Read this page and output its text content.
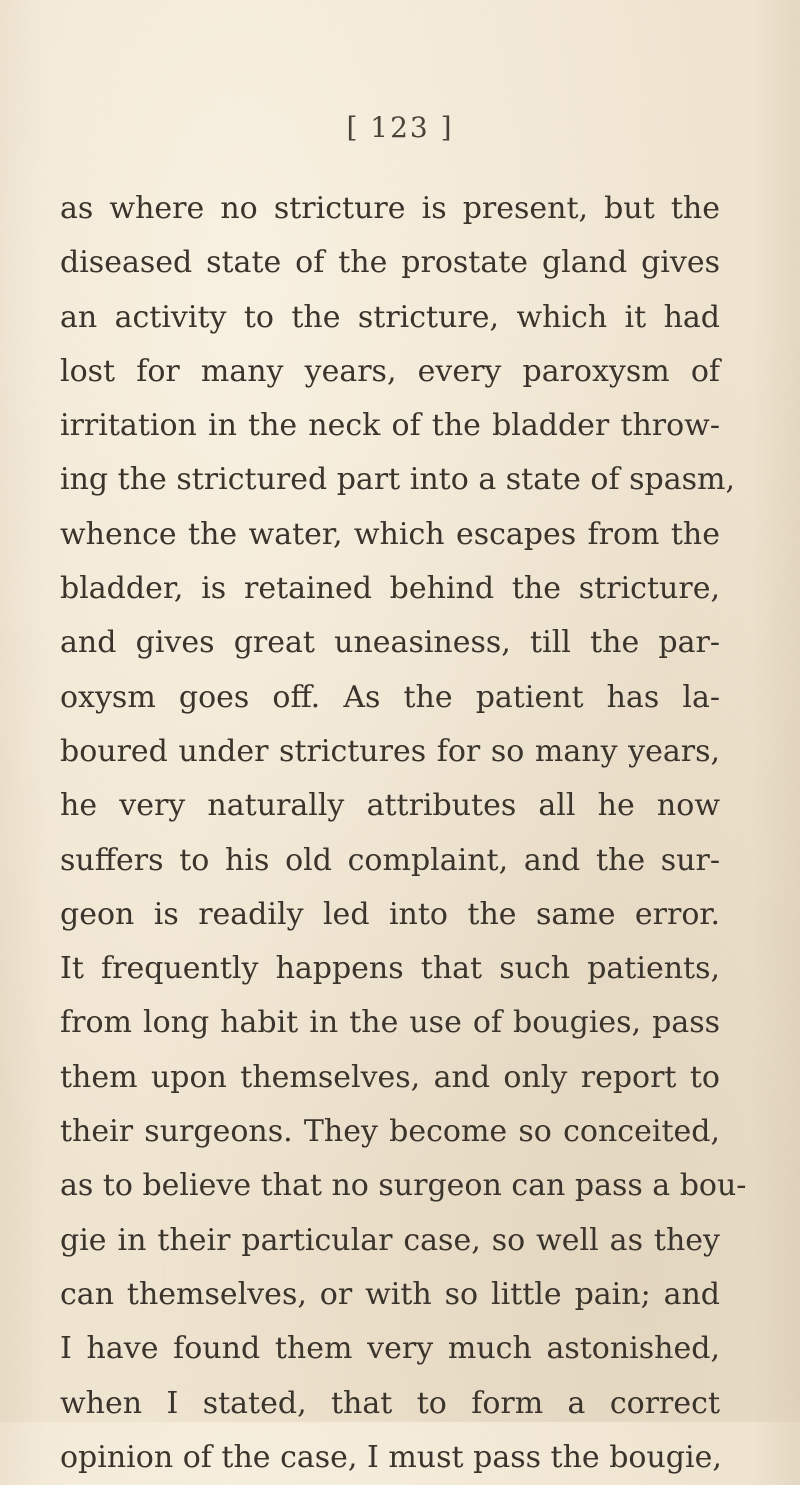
[ 123 ]
as where no stricture is present, but the
diseased state of the prostate gland gives
an activity to the stricture, which it had
lost for many years, every paroxysm of
irritation in the neck of the bladder throw-
ing the strictured part into a state of spasm,
whence the water, which escapes from the
bladder, is retained behind the stricture,
and gives great uneasiness, till the par-
oxysm goes off. As the patient has la-
boured under strictures for so many years,
he very naturally attributes all he now
suffers to his old complaint, and the sur-
geon is readily led into the same error.
It frequently happens that such patients,
from long habit in the use of bougies, pass
them upon themselves, and only report to
their surgeons. They become so conceited,
as to believe that no surgeon can pass a bou-
gie in their particular case, so well as they
can themselves, or with so little pain; and
I have found them very much astonished,
when I stated, that to form a correct
opinion of the case, I must pass the bougie,
